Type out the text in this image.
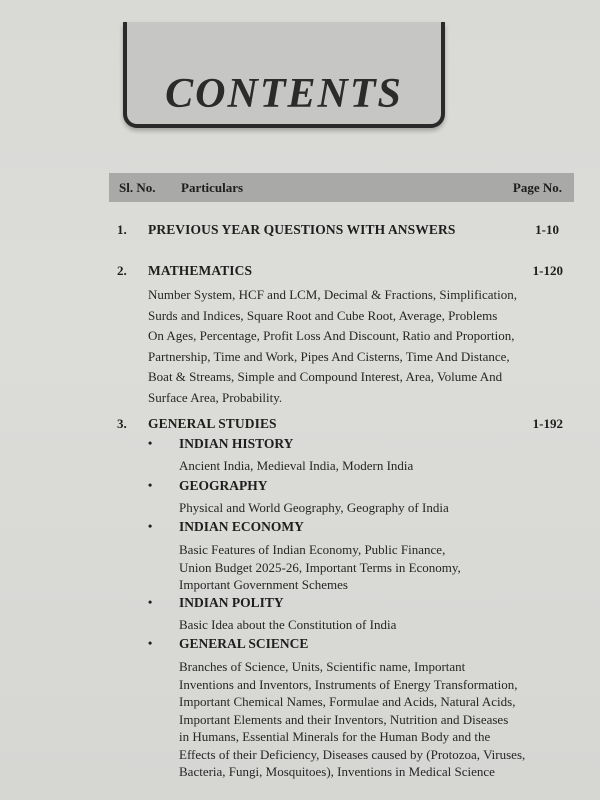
CONTENTS
Sl. No. Particulars	Page No.
1. PREVIOUS YEAR QUESTIONS WITH ANSWERS	1-10
2. MATHEMATICS	1-120
Number System, HCF and LCM, Decimal & Fractions, Simplification,
Surds and Indices, Square Root and Cube Root, Average, Problems
On Ages, Percentage, Profit Loss And Discount, Ratio and Proportion,
Partnership, Time and Work, Pipes And Cisterns, Time And Distance,
Boat & Streams, Simple and Compound Interest, Area, Volume And
Surface Area, Probability.
3. GENERAL STUDIES	1-192
• INDIAN HISTORY
Ancient India, Medieval India, Modern India
• GEOGRAPHY
Physical and World Geography, Geography of India
• INDIAN ECONOMY
Basic Features of Indian Economy, Public Finance,
Union Budget 2025-26, Important Terms in Economy,
Important Government Schemes
• INDIAN POLITY
Basic Idea about the Constitution of India
• GENERAL SCIENCE
Branches of Science, Units, Scientific name, Important
Inventions and Inventors, Instruments of Energy Transformation,
Important Chemical Names, Formulae and Acids, Natural Acids,
Important Elements and their Inventors, Nutrition and Diseases
in Humans, Essential Minerals for the Human Body and the
Effects of their Deficiency, Diseases caused by (Protozoa, Viruses,
Bacteria, Fungi, Mosquitoes), Inventions in Medical Science
